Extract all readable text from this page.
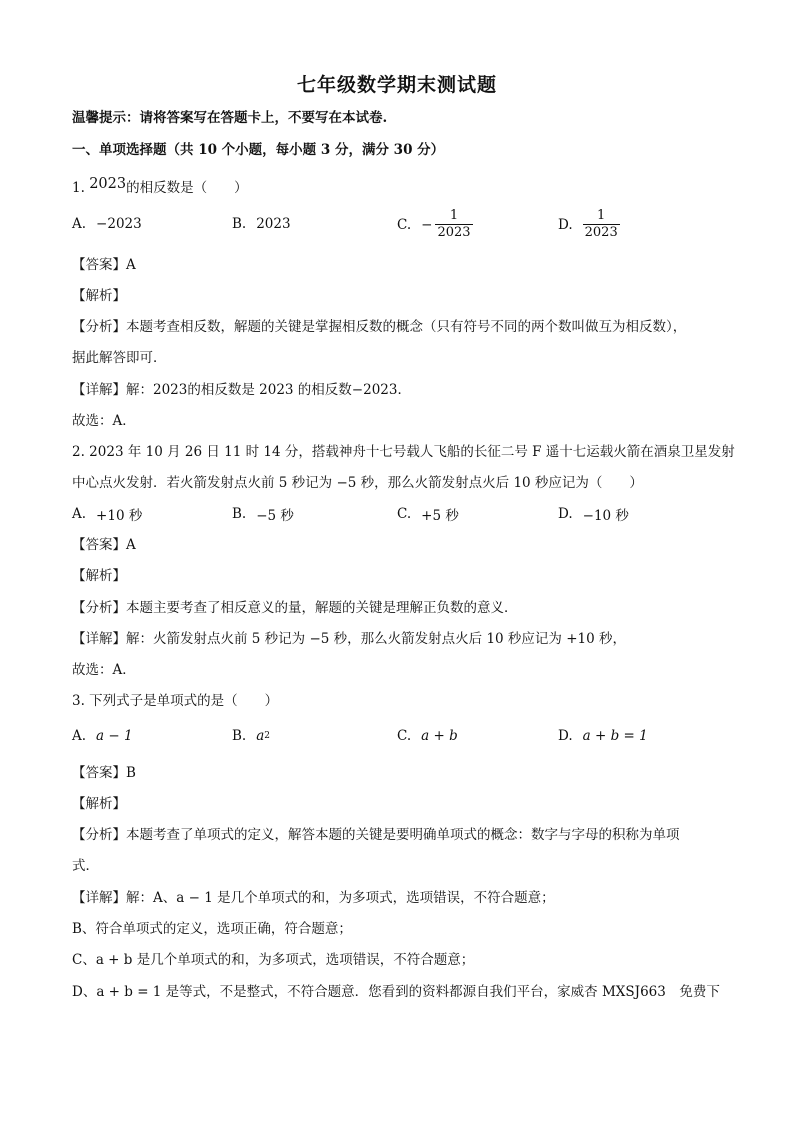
七年级数学期末测试题
温馨提示：请将答案写在答题卡上，不要写在本试卷.
一、单项选择题（共 10 个小题，每小题 3 分，满分 30 分）
1. 2023的相反数是（　　）
A. −2023	B. 2023	C. − $\frac{1}{2023}$	D. $\frac{1}{2023}$
【答案】A
【解析】
【分析】本题考查相反数，解题的关键是掌握相反数的概念（只有符号不同的两个数叫做互为相反数），
据此解答即可．
【详解】解：2023的相反数是 2023 的相反数−2023．
故选：A．
2. 2023 年 10 月 26 日 11 时 14 分，搭载神舟十七号载人飞船的长征二号 F 遥十七运载火箭在酒泉卫星发射
中心点火发射．若火箭发射点火前 5 秒记为 −5 秒，那么火箭发射点火后 10 秒应记为（　　）
A. +10 秒	B. −5 秒	C. +5 秒	D. −10 秒
【答案】A
【解析】
【分析】本题主要考查了相反意义的量，解题的关键是理解正负数的意义．
【详解】解：火箭发射点火前 5 秒记为 −5 秒，那么火箭发射点火后 10 秒应记为 +10 秒，
故选：A．
3. 下列式子是单项式的是（　　）
A. a − 1	B. a 2	C. a + b	D. a + b = 1
【答案】B
【解析】
【分析】本题考查了单项式的定义，解答本题的关键是要明确单项式的概念：数字与字母的积称为单项
式．
【详解】解：A、a − 1 是几个单项式的和，为多项式，选项错误，不符合题意；
B、符合单项式的定义，选项正确，符合题意；
C、a + b 是几个单项式的和，为多项式，选项错误，不符合题意；
D、a + b = 1 是等式，不是整式，不符合题意．您看到的资料都源自我们平台，家威杏 MXSJ663　免费下
